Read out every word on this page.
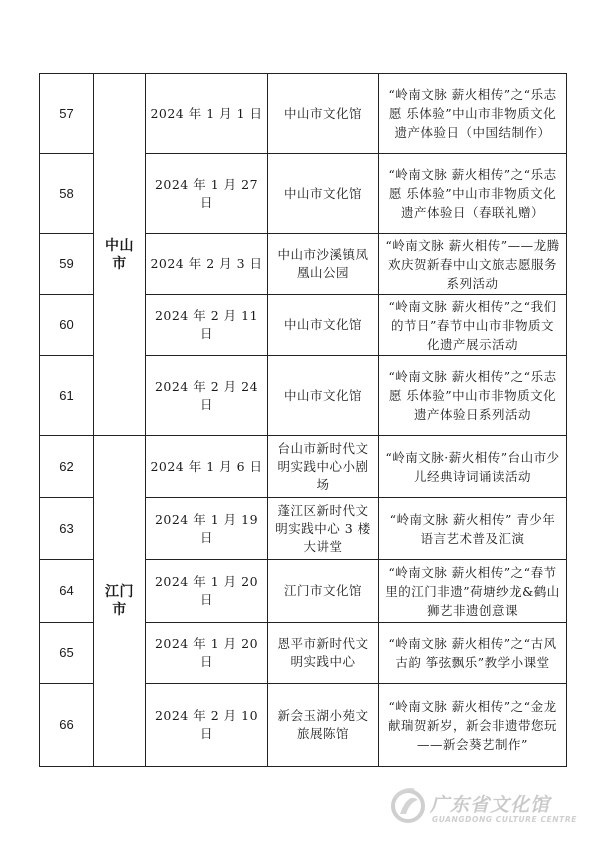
57	中山市	2024 年 1 月 1 日	中山市文化馆	“岭南文脉 薪火相传”之“乐志愿 乐体验”中山市非物质文化遗产体验日（中国结制作）
58		2024 年 1 月 27 日	中山市文化馆	“岭南文脉 薪火相传”之“乐志愿 乐体验”中山市非物质文化遗产体验日（春联礼赠）
59		2024 年 2 月 3 日	中山市沙溪镇凤凰山公园	“岭南文脉 薪火相传”——龙腾欢庆贺新春中山文旅志愿服务系列活动
60		2024 年 2 月 11 日	中山市文化馆	“岭南文脉 薪火相传”之“我们的节日”春节中山市非物质文化遗产展示活动
61		2024 年 2 月 24 日	中山市文化馆	“岭南文脉 薪火相传”之“乐志愿 乐体验”中山市非物质文化遗产体验日系列活动
62	江门市	2024 年 1 月 6 日	台山市新时代文明实践中心小剧场	“岭南文脉·薪火相传”台山市少儿经典诗词诵读活动
63		2024 年 1 月 19 日	蓬江区新时代文明实践中心 3 楼大讲堂	“岭南文脉 薪火相传” 青少年语言艺术普及汇演
64		2024 年 1 月 20 日	江门市文化馆	“岭南文脉 薪火相传”之“春节里的江门非遗”荷塘纱龙&鹤山狮艺非遗创意课
65		2024 年 1 月 20 日	恩平市新时代文明实践中心	“岭南文脉 薪火相传”之“古风古韵 筝弦飘乐”教学小课堂
66		2024 年 2 月 10 日	新会玉湖小苑文旅展陈馆	“岭南文脉 薪火相传”之“金龙献瑞贺新岁，新会非遗带您玩——新会葵艺制作”
广东省文化馆
GUANGDONG CULTURE CENTRE
